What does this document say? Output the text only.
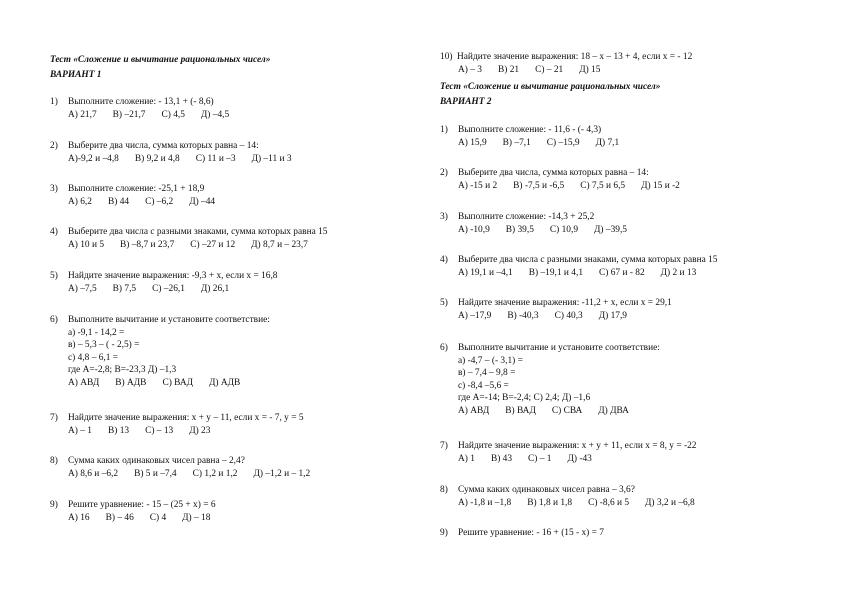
Тест «Сложение и вычитание рациональных чисел»
ВАРИАНТ 1
1) Выполните сложение: - 13,1 + (- 8,6)
А) 21,7 В) –21,7 С) 4,5 Д) –4,5
2) Выберите два числа, сумма которых равна – 14:
А)-9,2 и –4,8 В) 9,2 и 4,8 С) 11 и –3 Д) –11 и 3
3) Выполните сложение: -25,1 + 18,9
А) 6,2 В) 44 С) –6,2 Д) –44
4) Выберите два числа с разными знаками, сумма которых равна 15
А) 10 и 5 В) –8,7 и 23,7 С) –27 и 12 Д) 8,7 и – 23,7
5) Найдите значение выражения: -9,3 + х, если х = 16,8
А) –7,5 В) 7,5 С) –26,1 Д) 26,1
6) Выполните вычитание и установите соответствие:
а) -9,1 - 14,2 =
в) – 5,3 – ( - 2,5) =
с) 4,8 – 6,1 =
где А=-2,8; В=-23,3 Д) –1,3
А) АВД В) АДВ С) ВАД Д) АДВ
7) Найдите значение выражения: х + у – 11, если х = - 7, у = 5
А) – 1 В) 13 С) – 13 Д) 23
8) Сумма каких одинаковых чисел равна – 2,4?
А) 8,6 и –6,2 В) 5 и –7,4 С) 1,2 и 1,2 Д) –1,2 и – 1,2
9) Решите уравнение: - 15 – (25 + х) = 6
А) 16 В) – 46 С) 4 Д) – 18
10) Найдите значение выражения: 18 – х – 13 + 4, если х = - 12
А) – 3 В) 21 С) – 21 Д) 15
Тест «Сложение и вычитание рациональных чисел»
ВАРИАНТ 2
1) Выполните сложение: - 11,6 - (- 4,3)
А) 15,9 В) –7,1 С) –15,9 Д) 7,1
2) Выберите два числа, сумма которых равна – 14:
А) -15 и 2 В) -7,5 и -6,5 С) 7,5 и 6,5 Д) 15 и -2
3) Выполните сложение: -14,3 + 25,2
А) -10,9 В) 39,5 С) 10,9 Д) –39,5
4) Выберите два числа с разными знаками, сумма которых равна 15
А) 19,1 и –4,1 В) –19,1 и 4,1 С) 67 и - 82 Д) 2 и 13
5) Найдите значение выражения: -11,2 + х, если х = 29,1
А) –17,9 В) -40,3 С) 40,3 Д) 17,9
6) Выполните вычитание и установите соответствие:
а) -4,7 – (- 3,1) =
в) – 7,4 – 9,8 =
с) -8,4 –5,6 =
где А=-14; В=-2,4; С) 2,4; Д) –1,6
А) АВД В) ВАД С) СВА Д) ДВА
7) Найдите значение выражения: х + у + 11, если х = 8, у = -22
А) 1 В) 43 С) – 1 Д) -43
8) Сумма каких одинаковых чисел равна – 3,6?
А) -1,8 и –1,8 В) 1,8 и 1,8 С) -8,6 и 5 Д) 3,2 и –6,8
9) Решите уравнение: - 16 + (15 - х) = 7
